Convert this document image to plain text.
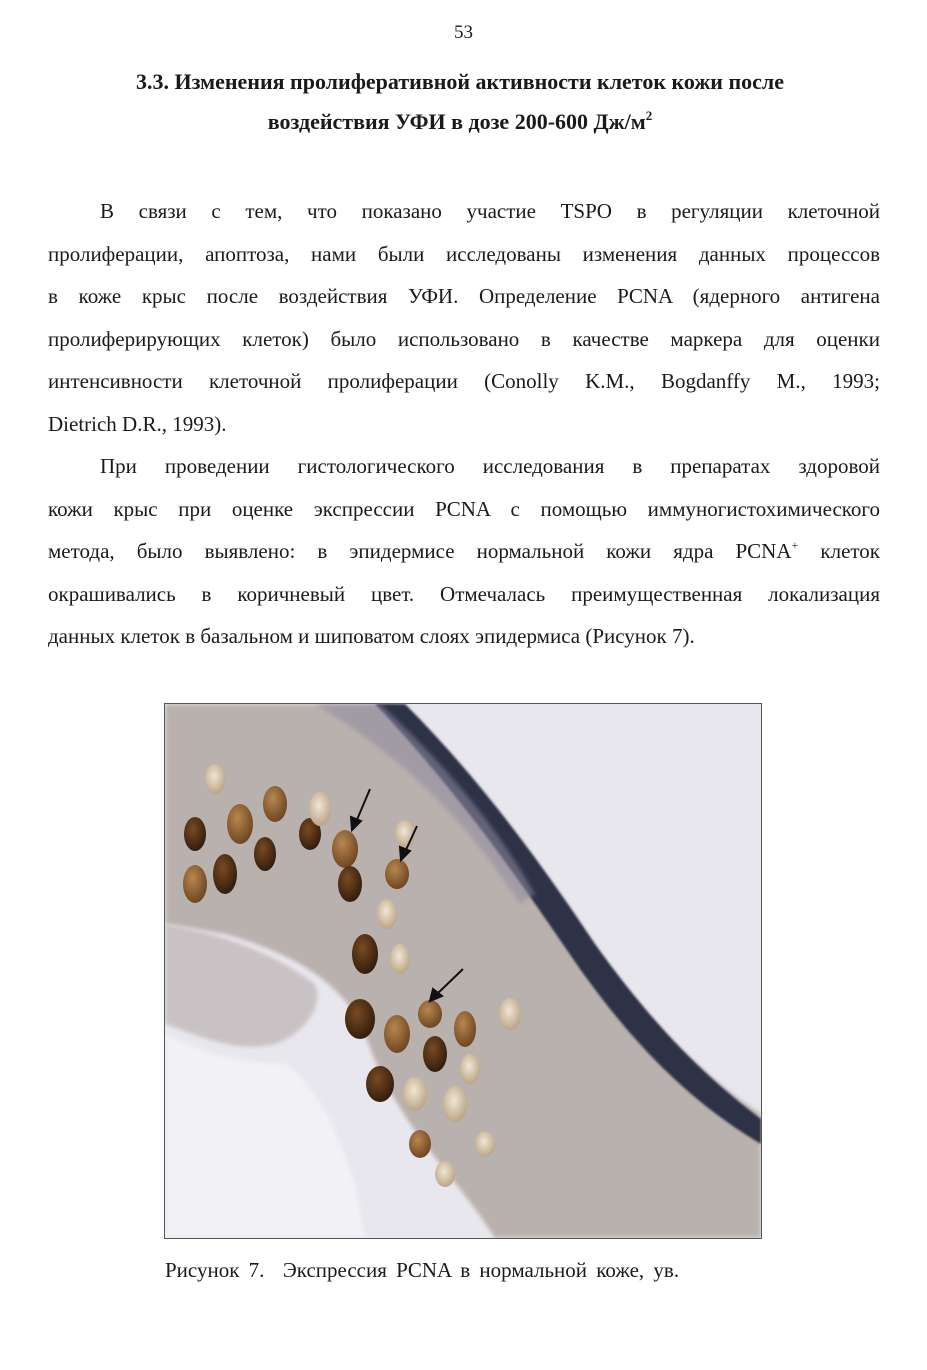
53
3.3. Изменения пролиферативной активности клеток кожи после
воздействия УФИ в дозе 200-600 $Дж/м^2$
В связи с тем, что показано участие TSPO в регуляции клеточной
пролиферации, апоптоза, нами были исследованы изменения данных процессов
в коже крыс после воздействия УФИ. Определение PCNA (ядерного антигена
пролиферирующих клеток) было использовано в качестве маркера для оценки
интенсивности клеточной пролиферации (Conolly K.M., Bogdanffy M., 1993;
Dietrich D.R., 1993).
При проведении гистологического исследования в препаратах здоровой
кожи крыс при оценке экспрессии PCNA с помощью иммуногистохимического
метода, было выявлено: в эпидермисе нормальной кожи ядра PCNA+ клеток
окрашивались в коричневый цвет. Отмечалась преимущественная локализация
данных клеток в базальном и шиповатом слоях эпидермиса (Рисунок 7).
Рисунок 7.  Экспрессия PCNA в нормальной коже, ув.
